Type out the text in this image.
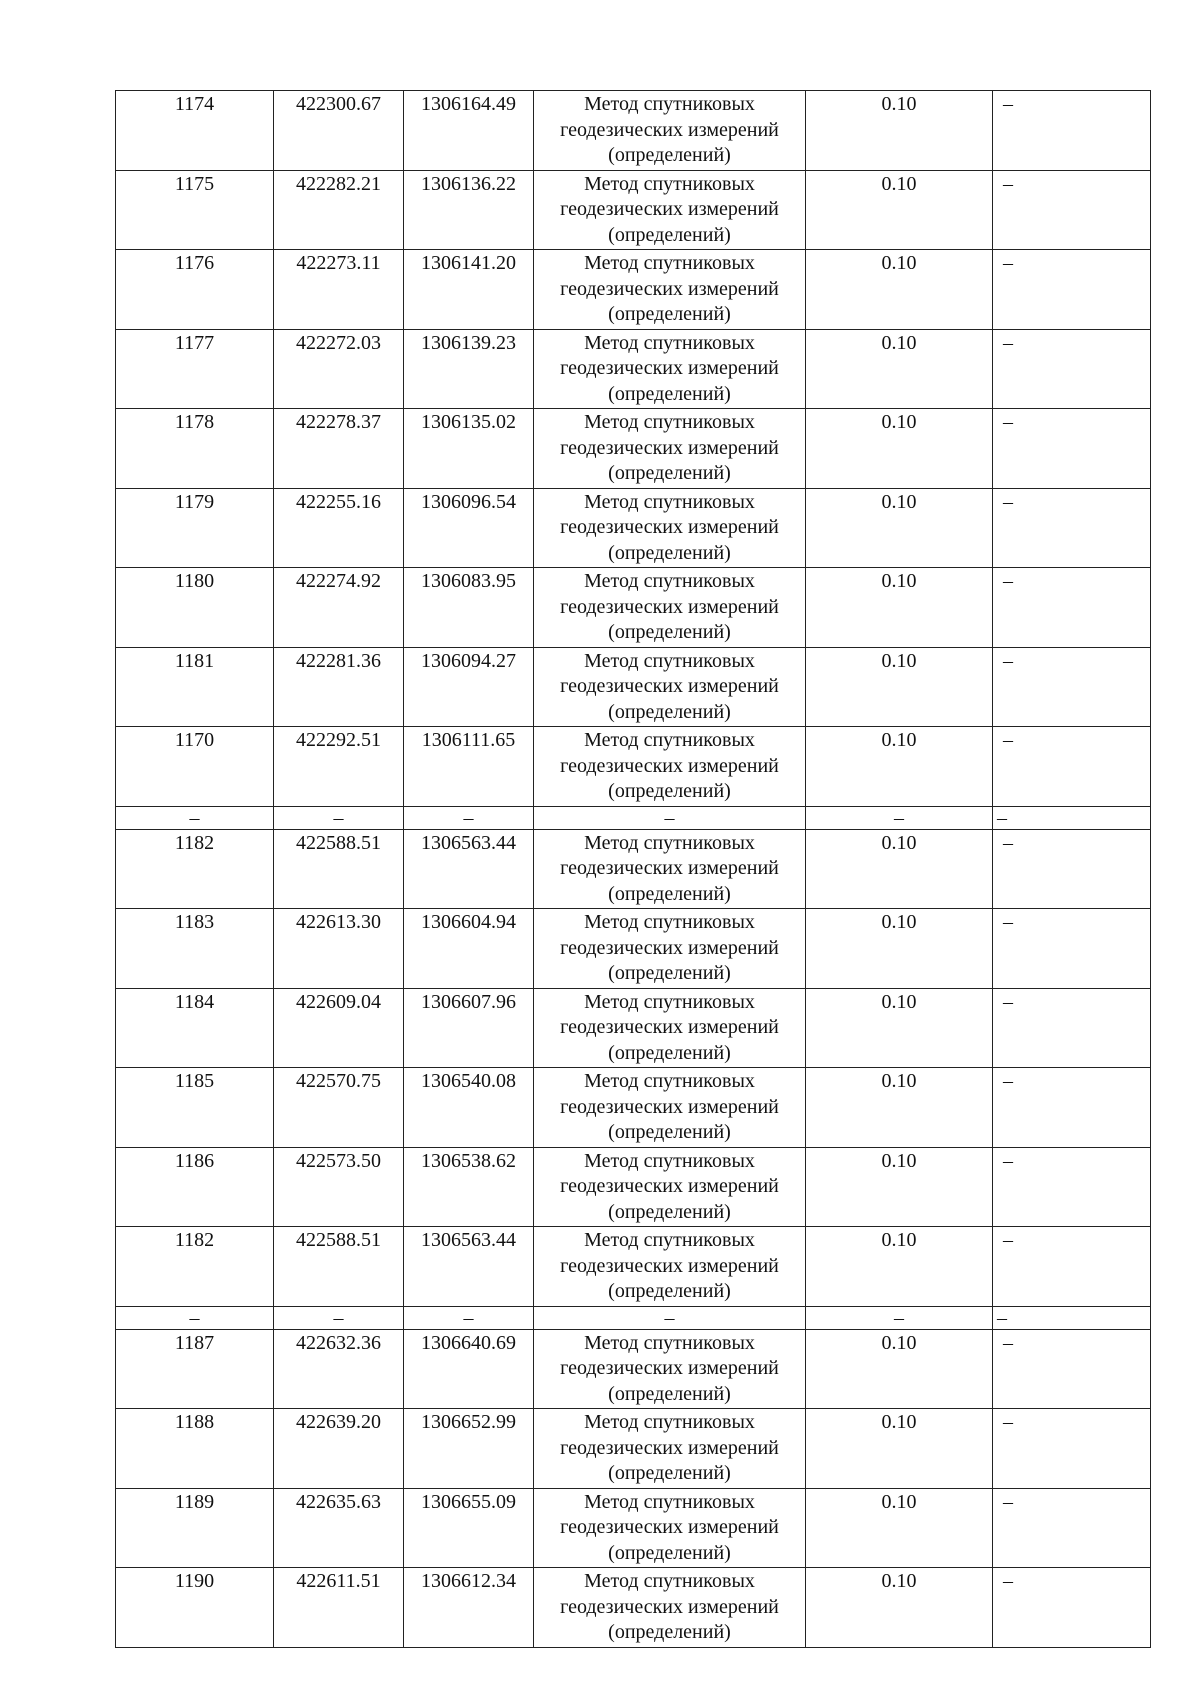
1174	422300.67	1306164.49	Метод спутниковых геодезических измерений (определений)	0.10	–
1175	422282.21	1306136.22	Метод спутниковых геодезических измерений (определений)	0.10	–
1176	422273.11	1306141.20	Метод спутниковых геодезических измерений (определений)	0.10	–
1177	422272.03	1306139.23	Метод спутниковых геодезических измерений (определений)	0.10	–
1178	422278.37	1306135.02	Метод спутниковых геодезических измерений (определений)	0.10	–
1179	422255.16	1306096.54	Метод спутниковых геодезических измерений (определений)	0.10	–
1180	422274.92	1306083.95	Метод спутниковых геодезических измерений (определений)	0.10	–
1181	422281.36	1306094.27	Метод спутниковых геодезических измерений (определений)	0.10	–
1170	422292.51	1306111.65	Метод спутниковых геодезических измерений (определений)	0.10	–
–	–	–	–	–	–
1182	422588.51	1306563.44	Метод спутниковых геодезических измерений (определений)	0.10	–
1183	422613.30	1306604.94	Метод спутниковых геодезических измерений (определений)	0.10	–
1184	422609.04	1306607.96	Метод спутниковых геодезических измерений (определений)	0.10	–
1185	422570.75	1306540.08	Метод спутниковых геодезических измерений (определений)	0.10	–
1186	422573.50	1306538.62	Метод спутниковых геодезических измерений (определений)	0.10	–
1182	422588.51	1306563.44	Метод спутниковых геодезических измерений (определений)	0.10	–
–	–	–	–	–	–
1187	422632.36	1306640.69	Метод спутниковых геодезических измерений (определений)	0.10	–
1188	422639.20	1306652.99	Метод спутниковых геодезических измерений (определений)	0.10	–
1189	422635.63	1306655.09	Метод спутниковых геодезических измерений (определений)	0.10	–
1190	422611.51	1306612.34	Метод спутниковых геодезических измерений (определений)	0.10	–
